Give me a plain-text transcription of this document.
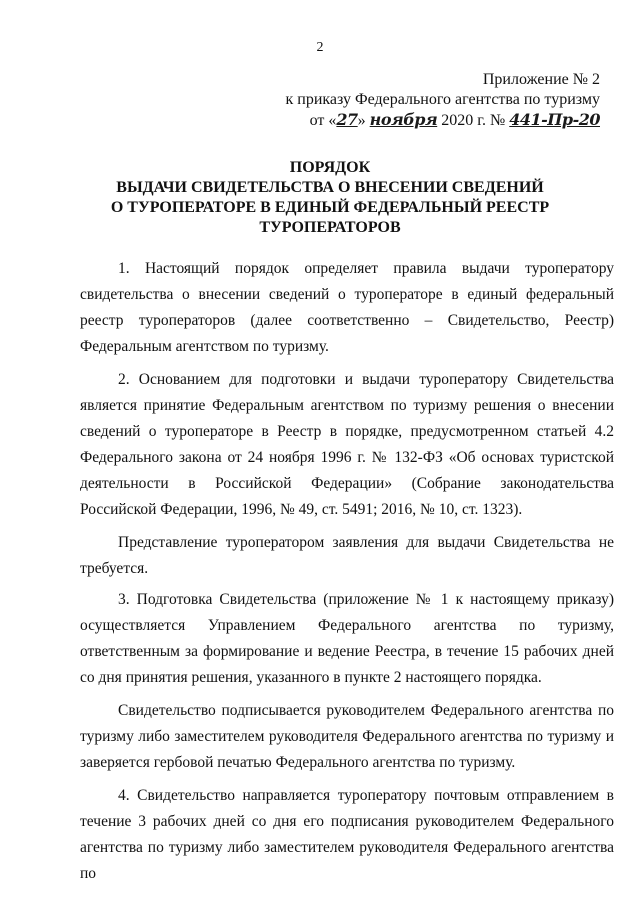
2
Приложение № 2
к приказу Федерального агентства по туризму
от «27» ноября 2020 г. № 441-Пр-20
ПОРЯДОК
ВЫДАЧИ СВИДЕТЕЛЬСТВА О ВНЕСЕНИИ СВЕДЕНИЙ
О ТУРОПЕРАТОРЕ В ЕДИНЫЙ ФЕДЕРАЛЬНЫЙ РЕЕСТР
ТУРОПЕРАТОРОВ

1. Настоящий порядок определяет правила выдачи туроператору свидетельства о внесении сведений о туроператоре в единый федеральный реестр туроператоров (далее соответственно – Свидетельство, Реестр) Федеральным агентством по туризму.

2. Основанием для подготовки и выдачи туроператору Свидетельства является принятие Федеральным агентством по туризму решения о внесении сведений о туроператоре в Реестр в порядке, предусмотренном статьей 4.2 Федерального закона от 24 ноября 1996 г. № 132-ФЗ «Об основах туристской деятельности в Российской Федерации» (Собрание законодательства Российской Федерации, 1996, № 49, ст. 5491; 2016, № 10, ст. 1323).

Представление туроператором заявления для выдачи Свидетельства не требуется.

3. Подготовка Свидетельства (приложение № 1 к настоящему приказу) осуществляется Управлением Федерального агентства по туризму, ответственным за формирование и ведение Реестра, в течение 15 рабочих дней со дня принятия решения, указанного в пункте 2 настоящего порядка.

Свидетельство подписывается руководителем Федерального агентства по туризму либо заместителем руководителя Федерального агентства по туризму и заверяется гербовой печатью Федерального агентства по туризму.

4. Свидетельство направляется туроператору почтовым отправлением в течение 3 рабочих дней со дня его подписания руководителем Федерального агентства по туризму либо заместителем руководителя Федерального агентства по
